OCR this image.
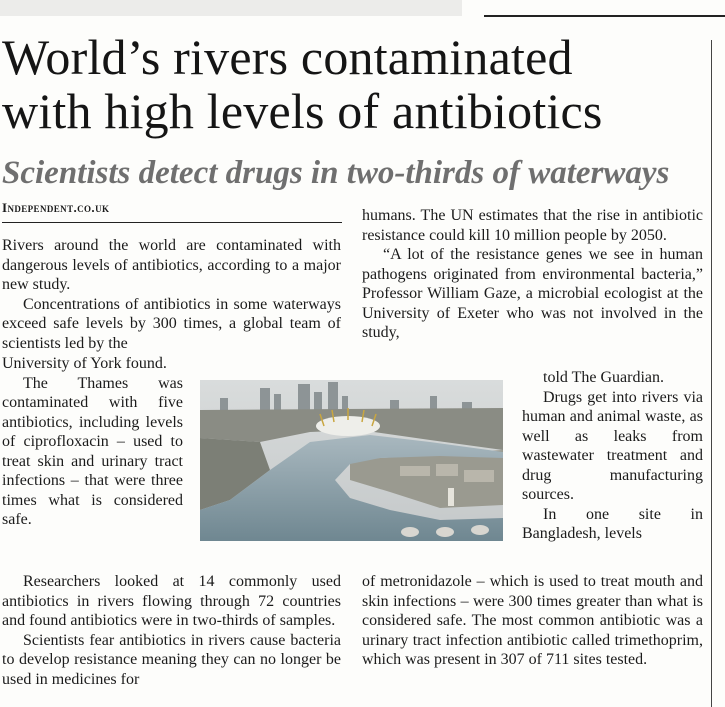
World’s rivers contaminated
with high levels of antibiotics
Scientists detect drugs in two-thirds of waterways
Independent.co.uk

Rivers around the world are contaminated with dangerous levels of antibiotics, according to a major new study.

Concentrations of antibiotics in some waterways exceed safe levels by 300 times, a global team of scientists led by the

University of York found.

The Thames was contaminated with five antibiotics, including levels of ciprofloxacin – used to treat skin and urinary tract infections – that were three times what is considered safe.

Researchers looked at 14 commonly used antibiotics in rivers flowing through 72 countries and found antibiotics were in two-thirds of samples.

Scientists fear antibiotics in rivers cause bacteria to develop resistance meaning they can no longer be used in medicines for

humans. The UN estimates that the rise in antibiotic resistance could kill 10 million people by 2050.

“A lot of the resistance genes we see in human pathogens originated from environmental bacteria,” Professor William Gaze, a microbial ecologist at the University of Exeter who was not involved in the study,

told The Guardian.

Drugs get into rivers via human and animal waste, as well as leaks from wastewater treatment and drug manufacturing sources.

In one site in Bangladesh, levels

of metronidazole – which is used to treat mouth and skin infections – were 300 times greater than what is considered safe. The most common antibiotic was a urinary tract infection antibiotic called trimethoprim, which was present in 307 of 711 sites tested.
